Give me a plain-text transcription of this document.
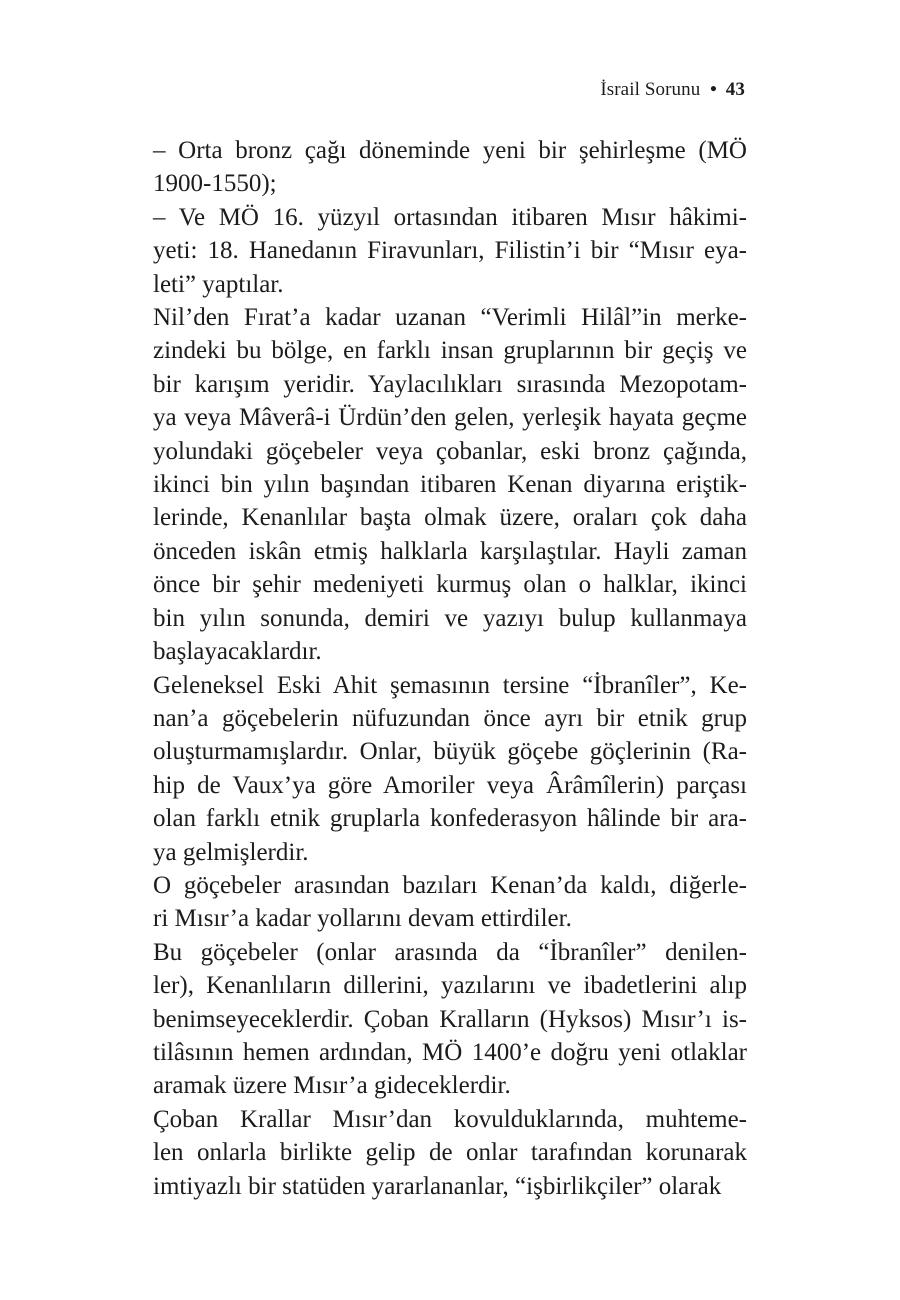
İsrail Sorunu • 43

– Orta bronz çağı döneminde yeni bir şehirleşme (MÖ
1900-1550);

– Ve MÖ 16. yüzyıl ortasından itibaren Mısır hâkimi-
yeti: 18. Hanedanın Firavunları, Filistin’i bir “Mısır eya-
leti” yaptılar.

Nil’den Fırat’a kadar uzanan “Verimli Hilâl”in merke-
zindeki bu bölge, en farklı insan gruplarının bir geçiş ve
bir karışım yeridir. Yaylacılıkları sırasında Mezopotam-
ya veya Mâverâ-i Ürdün’den gelen, yerleşik hayata geçme
yolundaki göçebeler veya çobanlar, eski bronz çağında,
ikinci bin yılın başından itibaren Kenan diyarına eriştik-
lerinde, Kenanlılar başta olmak üzere, oraları çok daha
önceden iskân etmiş halklarla karşılaştılar. Hayli zaman
önce bir şehir medeniyeti kurmuş olan o halklar, ikinci
bin yılın sonunda, demiri ve yazıyı bulup kullanmaya
başlayacaklardır.

Geleneksel Eski Ahit şemasının tersine “İbranîler”, Ke-
nan’a göçebelerin nüfuzundan önce ayrı bir etnik grup
oluşturmamışlardır. Onlar, büyük göçebe göçlerinin (Ra-
hip de Vaux’ya göre Amoriler veya Ârâmîlerin) parçası
olan farklı etnik gruplarla konfederasyon hâlinde bir ara-
ya gelmişlerdir.

O göçebeler arasından bazıları Kenan’da kaldı, diğerle-
ri Mısır’a kadar yollarını devam ettirdiler.

Bu göçebeler (onlar arasında da “İbranîler” denilen-
ler), Kenanlıların dillerini, yazılarını ve ibadetlerini alıp
benimseyeceklerdir. Çoban Kralların (Hyksos) Mısır’ı is-
tilâsının hemen ardından, MÖ 1400’e doğru yeni otlaklar
aramak üzere Mısır’a gideceklerdir.

Çoban Krallar Mısır’dan kovulduklarında, muhteme-
len onlarla birlikte gelip de onlar tarafından korunarak
imtiyazlı bir statüden yararlananlar, “işbirlikçiler” olarak
